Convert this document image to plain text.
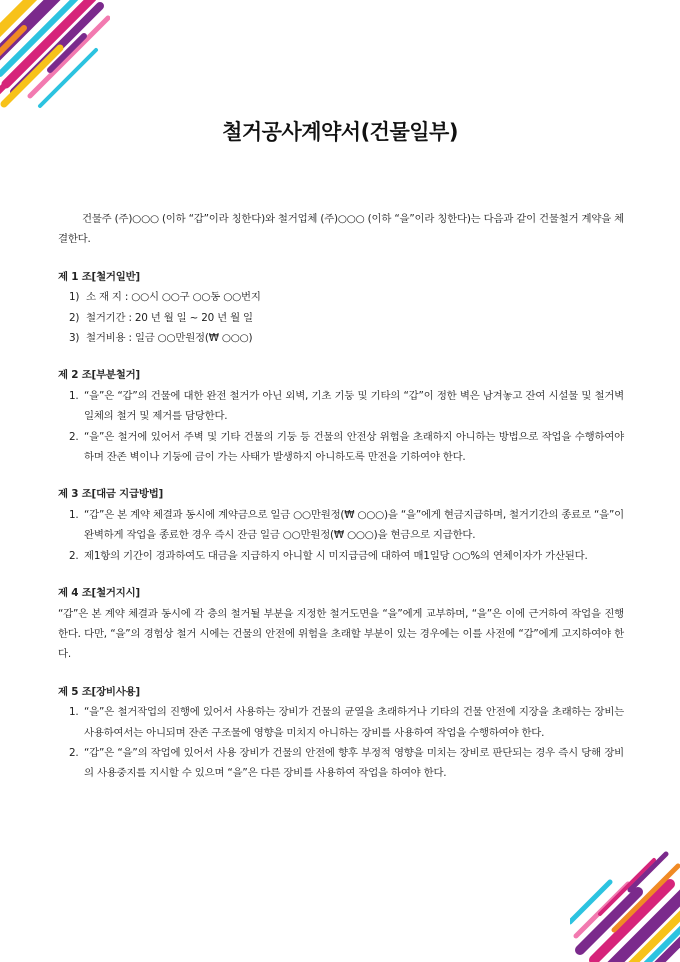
철거공사계약서(건물일부)

건물주 (주)○○○ (이하 “갑”이라 칭한다)와 철거업체 (주)○○○ (이하 “을”이라 칭한다)는 다음과 같이 건물철거 계약을 체결한다.

제 1 조[철거일반]
1) 소 재 지 : ○○시 ○○구 ○○동 ○○번지
2) 철거기간 : 20 년 월 일 ~ 20 년 월 일
3) 철거비용 : 일금 ○○만원정(₩ ○○○)
제 2 조[부분철거]
1. “을”은 “갑”의 건물에 대한 완전 철거가 아닌 외벽, 기초 기둥 및 기타의 “갑”이 정한 벽은 남겨놓고 잔여 시설물 및 철거벽 일체의 철거 및 제거를 담당한다.
2. “을”은 철거에 있어서 주벽 및 기타 건물의 기둥 등 건물의 안전상 위험을 초래하지 아니하는 방법으로 작업을 수행하여야 하며 잔존 벽이나 기둥에 금이 가는 사태가 발생하지 아니하도록 만전을 기하여야 한다.
제 3 조[대금 지급방법]
1. “갑”은 본 계약 체결과 동시에 계약금으로 일금 ○○만원정(₩ ○○○)을 “을”에게 현금지급하며, 철거기간의 종료로 “을”이 완벽하게 작업을 종료한 경우 즉시 잔금 일금 ○○만원정(₩ ○○○)을 현금으로 지급한다.
2. 제1항의 기간이 경과하여도 대금을 지급하지 아니할 시 미지급금에 대하여 매1일당 ○○%의 연체이자가 가산된다.
제 4 조[철거지시]

“갑”은 본 계약 체결과 동시에 각 층의 철거될 부분을 지정한 철거도면을 “을”에게 교부하며, “을”은 이에 근거하여 작업을 진행한다. 다만, “을”의 경험상 철거 시에는 건물의 안전에 위험을 초래할 부분이 있는 경우에는 이를 사전에 “갑”에게 고지하여야 한다.

제 5 조[장비사용]
1. “을”은 철거작업의 진행에 있어서 사용하는 장비가 건물의 균열을 초래하거나 기타의 건물 안전에 지장을 초래하는 장비는 사용하여서는 아니되며 잔존 구조물에 영향을 미치지 아니하는 장비를 사용하여 작업을 수행하여야 한다.
2. “갑”은 “을”의 작업에 있어서 사용 장비가 건물의 안전에 향후 부정적 영향을 미치는 장비로 판단되는 경우 즉시 당해 장비의 사용중지를 지시할 수 있으며 “을”은 다른 장비를 사용하여 작업을 하여야 한다.
